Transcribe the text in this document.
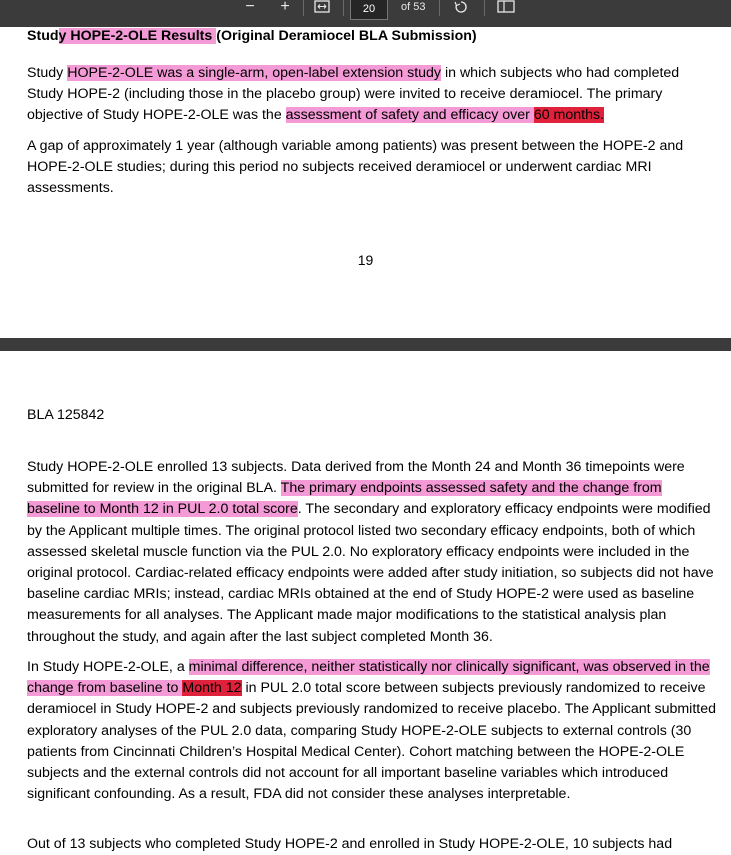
− +	20	of 53

Study HOPE-2-OLE Results (Original Deramiocel BLA Submission)

Study HOPE-2-OLE was a single-arm, open-label extension study in which subjects who had completed Study HOPE-2 (including those in the placebo group) were invited to receive deramiocel. The primary objective of Study HOPE-2-OLE was the assessment of safety and efficacy over 60 months.

A gap of approximately 1 year (although variable among patients) was present between the HOPE-2 and HOPE-2-OLE studies; during this period no subjects received deramiocel or underwent cardiac MRI assessments.

19

BLA 125842

Study HOPE-2-OLE enrolled 13 subjects. Data derived from the Month 24 and Month 36 timepoints were submitted for review in the original BLA. The primary endpoints assessed safety and the change from baseline to Month 12 in PUL 2.0 total score. The secondary and exploratory efficacy endpoints were modified by the Applicant multiple times. The original protocol listed two secondary efficacy endpoints, both of which assessed skeletal muscle function via the PUL 2.0. No exploratory efficacy endpoints were included in the original protocol. Cardiac-related efficacy endpoints were added after study initiation, so subjects did not have baseline cardiac MRIs; instead, cardiac MRIs obtained at the end of Study HOPE-2 were used as baseline measurements for all analyses. The Applicant made major modifications to the statistical analysis plan throughout the study, and again after the last subject completed Month 36.

In Study HOPE-2-OLE, a minimal difference, neither statistically nor clinically significant, was observed in the change from baseline to Month 12 in PUL 2.0 total score between subjects previously randomized to receive deramiocel in Study HOPE-2 and subjects previously randomized to receive placebo. The Applicant submitted exploratory analyses of the PUL 2.0 data, comparing Study HOPE-2-OLE subjects to external controls (30 patients from Cincinnati Children’s Hospital Medical Center). Cohort matching between the HOPE-2-OLE subjects and the external controls did not account for all important baseline variables which introduced significant confounding. As a result, FDA did not consider these analyses interpretable.

Out of 13 subjects who completed Study HOPE-2 and enrolled in Study HOPE-2-OLE, 10 subjects had
